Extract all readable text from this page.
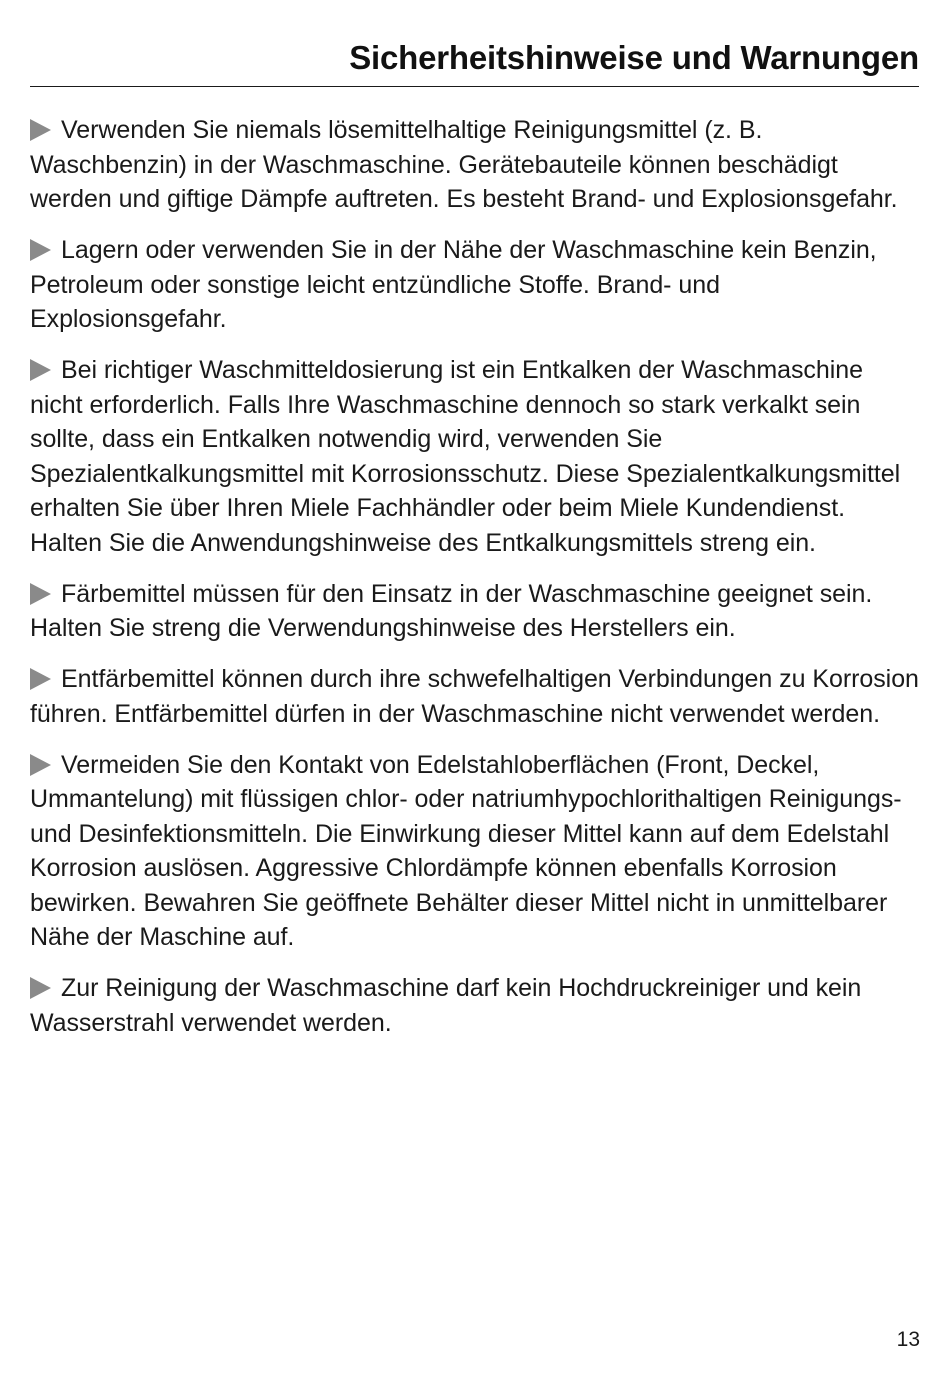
Sicherheitshinweise und Warnungen

Verwenden Sie niemals lösemittelhaltige Reinigungsmittel (z. B. Waschbenzin) in der Waschmaschine. Gerätebauteile können beschädigt werden und giftige Dämpfe auftreten. Es besteht Brand- und Explosionsgefahr.

Lagern oder verwenden Sie in der Nähe der Waschmaschine kein Benzin, Petroleum oder sonstige leicht entzündliche Stoffe. Brand- und Explosionsgefahr.

Bei richtiger Waschmitteldosierung ist ein Entkalken der Waschmaschine nicht erforderlich. Falls Ihre Waschmaschine dennoch so stark verkalkt sein sollte, dass ein Entkalken notwendig wird, verwenden Sie Spezialentkalkungsmittel mit Korrosionsschutz. Diese Spezialentkalkungsmittel erhalten Sie über Ihren Miele Fachhändler oder beim Miele Kundendienst. Halten Sie die Anwendungshinweise des Entkalkungsmittels streng ein.

Färbemittel müssen für den Einsatz in der Waschmaschine geeignet sein. Halten Sie streng die Verwendungshinweise des Herstellers ein.

Entfärbemittel können durch ihre schwefelhaltigen Verbindungen zu Korrosion führen. Entfärbemittel dürfen in der Waschmaschine nicht verwendet werden.

Vermeiden Sie den Kontakt von Edelstahloberflächen (Front, Deckel, Ummantelung) mit flüssigen chlor- oder natriumhypochlorithaltigen Reinigungs- und Desinfektionsmitteln. Die Einwirkung dieser Mittel kann auf dem Edelstahl Korrosion auslösen. Aggressive Chlordämpfe können ebenfalls Korrosion bewirken. Bewahren Sie geöffnete Behälter dieser Mittel nicht in unmittelbarer Nähe der Maschine auf.

Zur Reinigung der Waschmaschine darf kein Hochdruckreiniger und kein Wasserstrahl verwendet werden.

13
